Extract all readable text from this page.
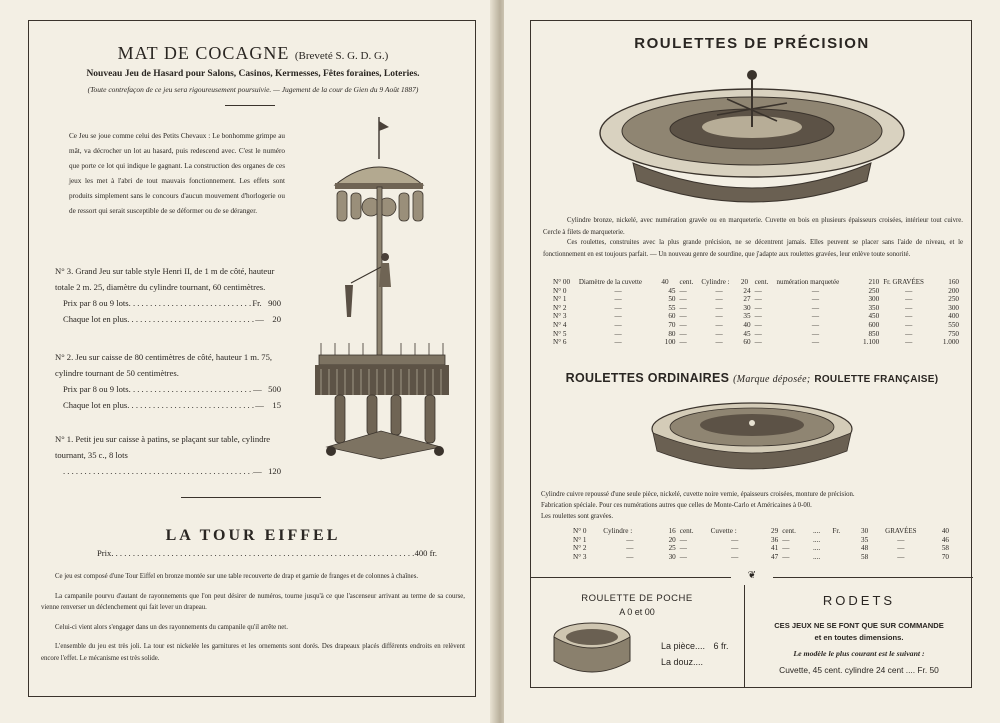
MAT DE COCAGNE (Breveté S. G. D. G.)
Nouveau Jeu de Hasard pour Salons, Casinos, Kermesses, Fêtes foraines, Loteries.
(Toute contrefaçon de ce jeu sera rigoureusement poursuivie. — Jugement de la cour de Gien du 9 Août 1887)
Ce Jeu se joue comme celui des Petits Chevaux : Le bonhomme grimpe au mât, va décrocher un lot au hasard, puis redescend avec. C'est le numéro que porte ce lot qui indique le gagnant. La construction des organes de ces jeux les met à l'abri de tout mauvais fonctionnement. Les effets sont produits simplement sans le concours d'aucun mouvement d'horlogerie ou de ressort qui serait susceptible de se déformer ou de se déranger.
N° 3. Grand Jeu sur table style Henri II, de 1 m de côté, hauteur totale 2 m. 25, diamètre du cylindre tournant, 60 centimètres.
Prix par 8 ou 9 lots . . .	Fr.   900
Chaque lot en plus . . .	—    20
N° 2. Jeu sur caisse de 80 centimètres de côté, hauteur 1 m. 75, cylindre tournant de 50 centimètres.
Prix par 8 ou 9 lots . . .	—   500
Chaque lot en plus . . .	—    15
N° 1. Petit jeu sur caisse à patins, se plaçant sur table, cylindre tournant, 35 c., 8 lots
. . .
—   120
LA TOUR EIFFEL
Prix . . .	400 fr.

Ce jeu est composé d'une Tour Eiffel en bronze montée sur une table recouverte de drap et garnie de franges et de colonnes à chaînes.

La campanile pourvu d'autant de rayonnements que l'on peut désirer de numéros, tourne jusqu'à ce que l'ascenseur arrivant au terme de sa course, vienne renverser un déclenchement qui fait lever un drapeau.

Celui-ci vient alors s'engager dans un des rayonnements du campanile qu'il arrête net.

L'ensemble du jeu est très joli. La tour est nickelée les garnitures et les ornements sont dorés. Des drapeaux placés différents endroits en relèvent encore l'effet. Le mécanisme est très solide.

ROULETTES DE PRÉCISION
Cylindre bronze, nickelé, avec numération gravée ou en marqueterie. Cuvette en bois en plusieurs épaisseurs croisées, intérieur tout cuivre. Cercle à filets de marqueterie.
Ces roulettes, construites avec la plus grande précision, ne se décentrent jamais. Elles peuvent se placer sans l'aide de niveau, et le fonctionnement en est toujours parfait. — Un nouveau genre de sourdine, que j'adapte aux roulettes gravées, leur enlève toute sonorité.
N° 00	Diamètre de la cuvette	40	cent.	Cylindre :	20	cent.	numération marquetée	210	Fr. GRAVÉES	160
N° 0	—	45	—	—	24	—	—	250	—	200
N° 1	—	50	—	—	27	—	—	300	—	250
N° 2	—	55	—	—	30	—	—	350	—	300
N° 3	—	60	—	—	35	—	—	450	—	400
N° 4	—	70	—	—	40	—	—	600	—	550
N° 5	—	80	—	—	45	—	—	850	—	750
N° 6	—	100	—	—	60	—	—	1.100	—	1.000
ROULETTES ORDINAIRES (Marque déposée; ROULETTE FRANÇAISE)
Cylindre cuivre repoussé d'une seule pièce, nickelé, cuvette noire vernie, épaisseurs croisées, monture de précision.
Fabrication spéciale. Pour ces numérations autres que celles de Monte-Carlo et Américaines à 0-00.
Les roulettes sont gravées.
N° 0	Cylindre :	16	cent.	Cuvette :	29	cent.	....	Fr.	30	GRAVÉES	40
N° 1	—	20	—	—	36	—	....		35	—	46
N° 2	—	25	—	—	41	—	....		48	—	58
N° 3	—	30	—	—	47	—	....		58	—	70
❦
ROULETTE DE POCHE
A 0 et 00
La pièce.... 6 fr.
La douz....
RODETS
CES JEUX NE SE FONT QUE SUR COMMANDE
et en toutes dimensions.
Le modèle le plus courant est le suivant :
Cuvette, 45 cent. cylindre 24 cent .... Fr. 50
